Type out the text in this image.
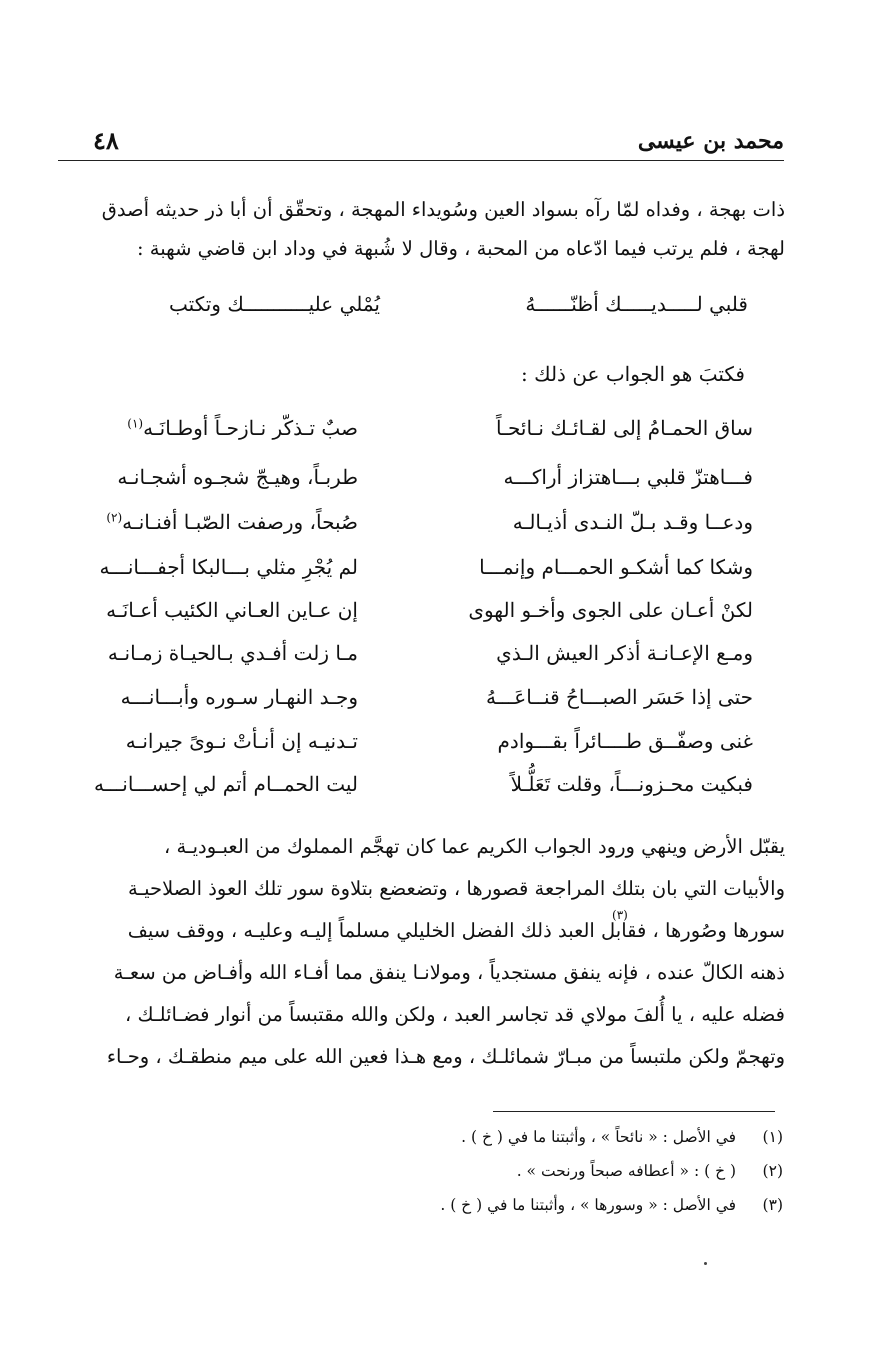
محمد بن عيسى
٤٨
ذات بهجة ، وفداه لمّا رآه بسواد العين وسُويداء المهجة ، وتحقّق أن أبا ذر حديثه أصدق
لهجة ، فلم يرتب فيما ادّعاه من المحبة ، وقال لا شُبهة في وداد ابن قاضي شهبة :
قلبي لـــــديـــــك أظنّــــــهُ
يُمْلي عليـــــــــــك وتكتب
فكتبَ هو الجواب عن ذلك :
ساق الحمـامُ إلى لقـائـك نـائحـاً
صبٌ تـذكّر نـازحـاً أوطـانَـه$^{(١)}$
فـــاهتزّ قلبي بـــاهتزاز أراكـــه
طربـاً، وهيـجّ شجـوه أشجـانـه
ودعــا وقـد بـلّ النـدى أذيـالـه
صُبحاً، ورصفت الصّبـا أفنـانـه$^{(٢)}$
وشكا كما أشكـو الحمـــام وإنمـــا
لم يُجْرِ مثلي بـــالبكا أجفـــانـــه
لكنْ أعـان على الجوى وأخـو الهوى
إن عـاين العـاني الكئيب أعـانَـه
ومـع الإعـانـة أذكر العيش الـذي
مـا زلت أفـدي بـالحيـاة زمـانـه
حتى إذا حَسَر الصبـــاحُ قنــاعَـــهُ
وجـد النهـار سـوره وأبـــانـــه
غنى وصفّــق طــــائراً بقـــوادم
تـدنيـه إن أنـأتْ نـوىً جيرانـه
فبكيت محـزونـــاً، وقلت تَعَلُّـلاً
ليت الحمــام أتم لي إحســـانـــه
يقبّل الأرض وينهي ورود الجواب الكريم عما كان تهجَّم المملوك من العبـوديـة ،
والأبيات التي بان بتلك المراجعة قصورها ، وتضعضع بتلاوة سور تلك العوذ الصلاحيـة
سورها وصُورها ، فقابل العبد ذلك الفضل الخليلي مسلماً إليـه وعليـه ، ووقف سيف
ذهنه الكالّ عنده ، فإنه ينفق مستجدياً ، ومولانـا ينفق مما أفـاء الله وأفـاض من سعـة
فضله عليه ، يا أُلفَ مولاي قد تجاسر العبد ، ولكن والله مقتبساً من أنوار فضـائلـك ،
وتهجمّ ولكن ملتبساً من مبـارّ شمائلـك ، ومع هـذا فعين الله على ميم منطقـك ، وحـاء
(٣)
(١) في الأصل : « نائحاً » ، وأثبتنا ما في ( خ ) .
(٢) ( خ ) : « أعطافه صبحاً ورنحت » .
(٣) في الأصل : « وسورها » ، وأثبتنا ما في ( خ ) .
